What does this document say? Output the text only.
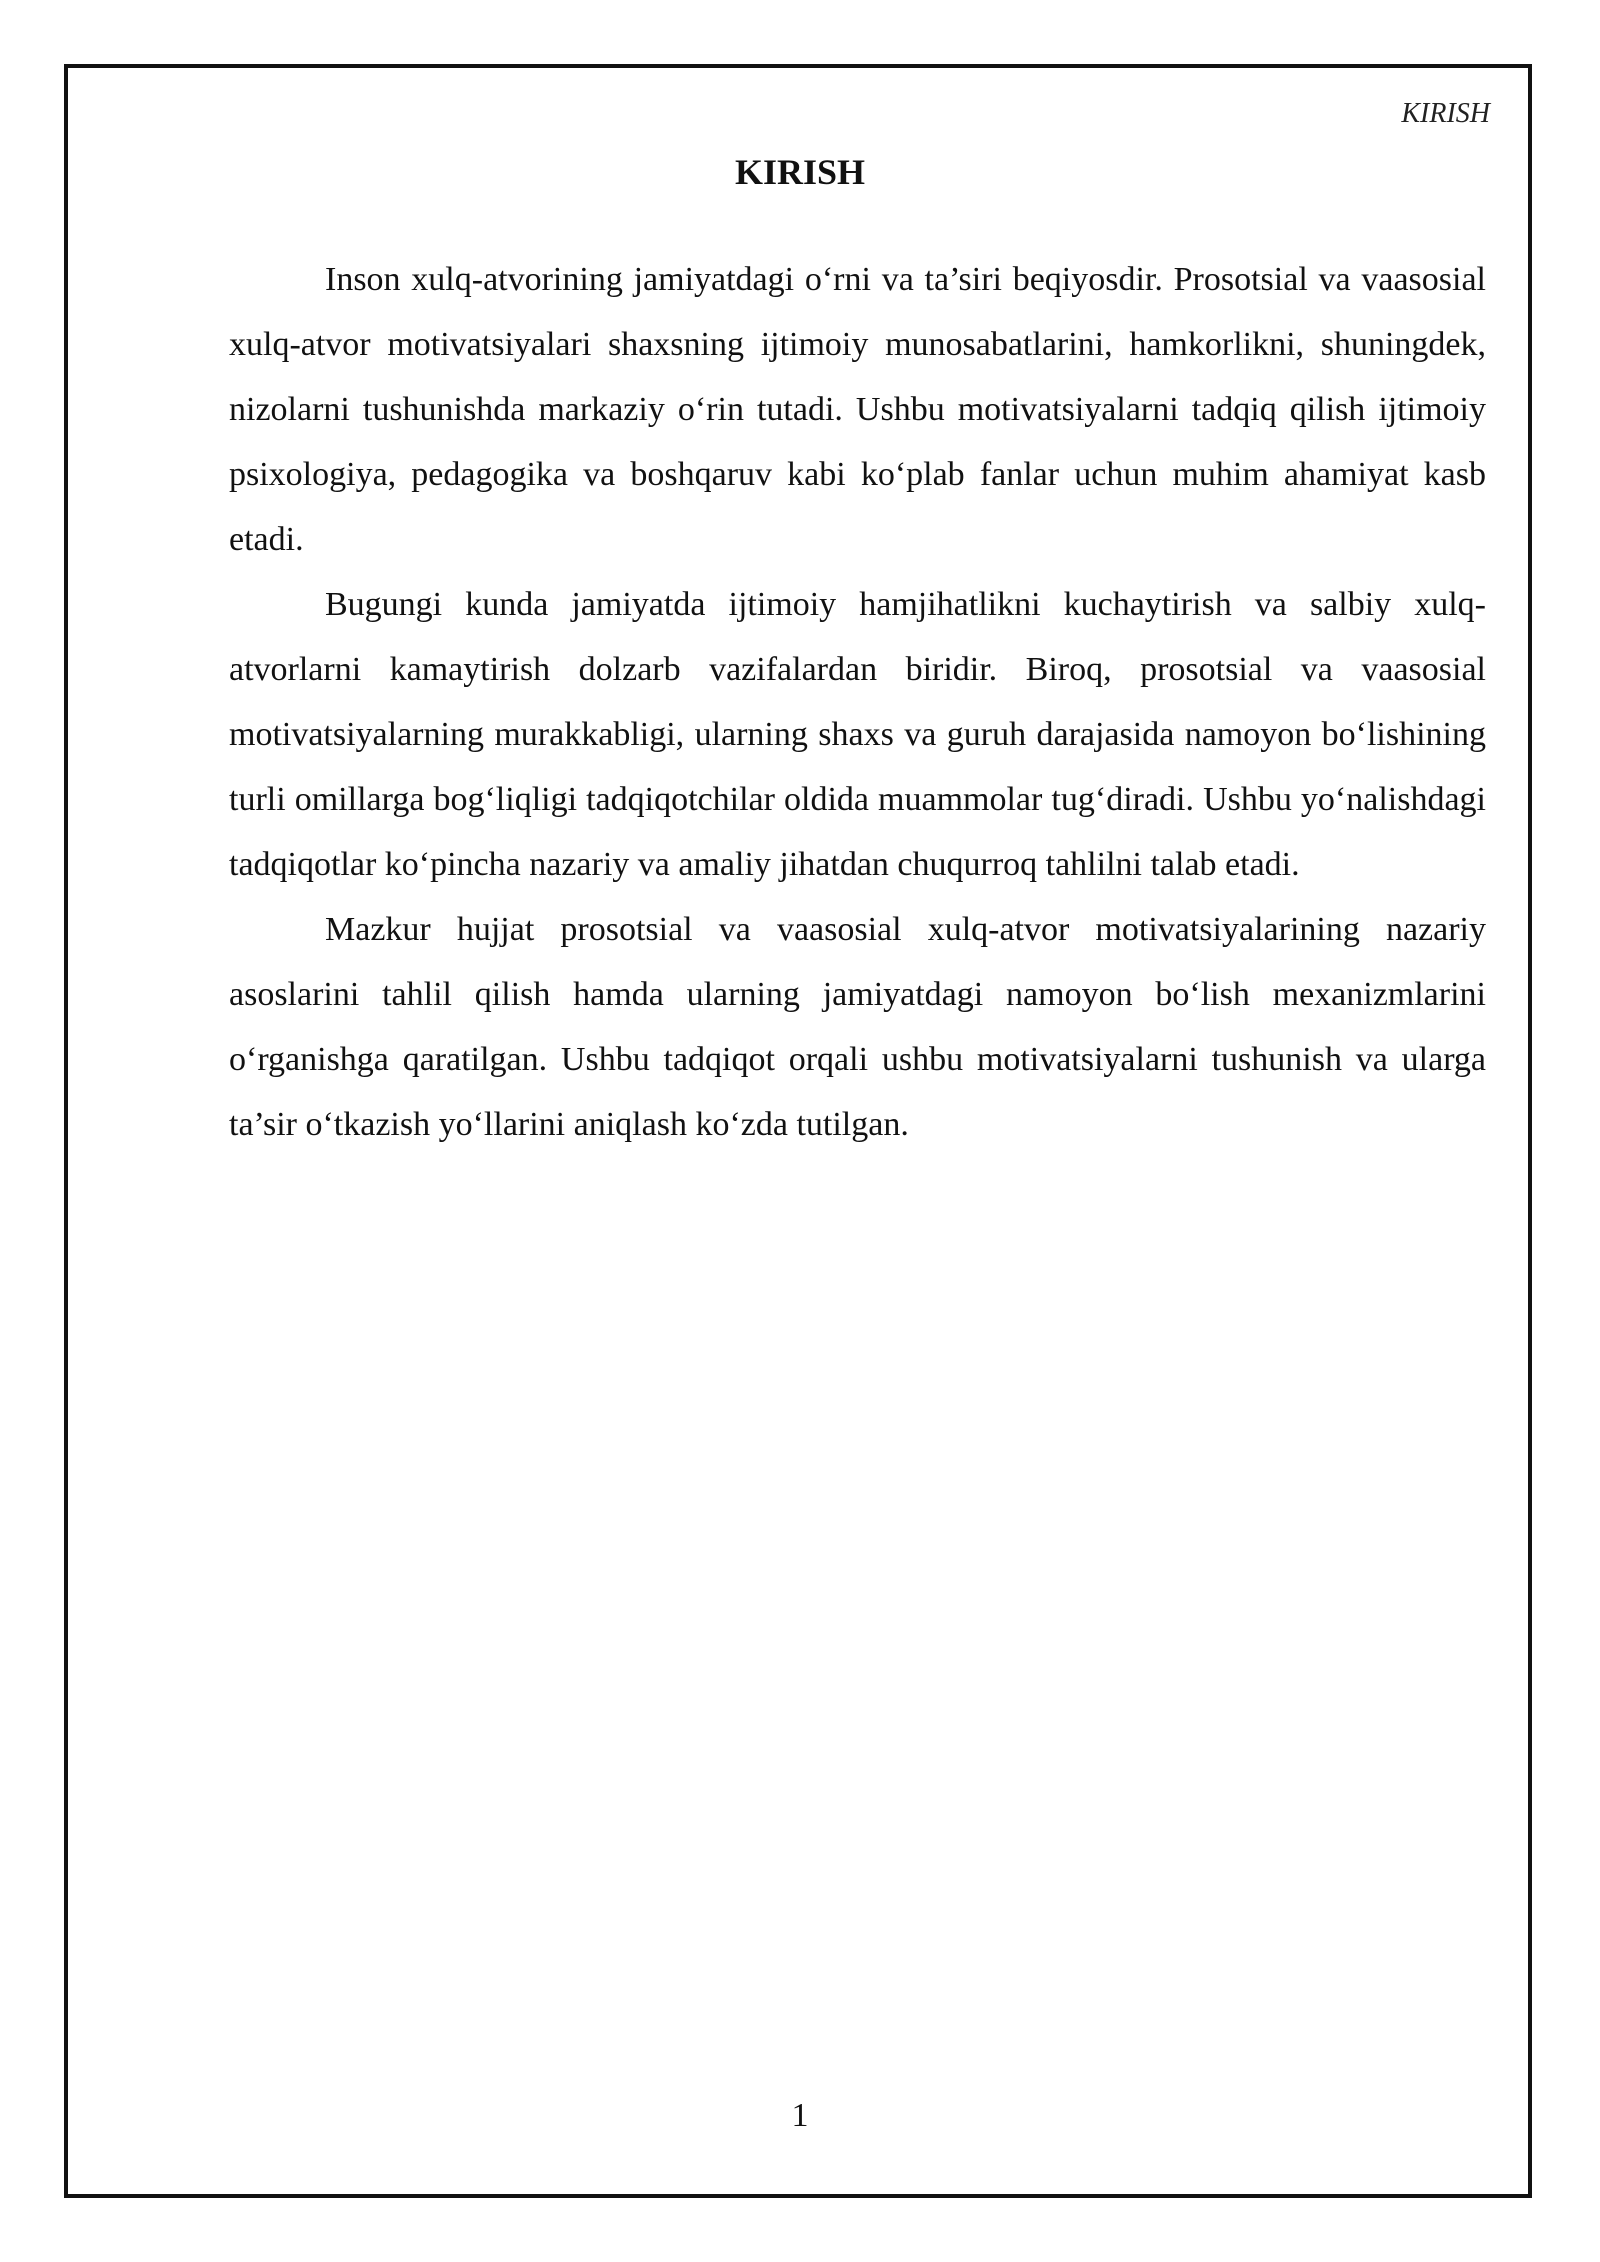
KIRISH
KIRISH

Inson xulq-atvorining jamiyatdagi o‘rni va ta’siri beqiyosdir. Prosotsial va vaasosial xulq-atvor motivatsiyalari shaxsning ijtimoiy munosabatlarini, hamkorlikni, shuningdek, nizolarni tushunishda markaziy o‘rin tutadi. Ushbu motivatsiyalarni tadqiq qilish ijtimoiy psixologiya, pedagogika va boshqaruv kabi ko‘plab fanlar uchun muhim ahamiyat kasb etadi.

Bugungi kunda jamiyatda ijtimoiy hamjihatlikni kuchaytirish va salbiy xulq-atvorlarni kamaytirish dolzarb vazifalardan biridir. Biroq, prosotsial va vaasosial motivatsiyalarning murakkabligi, ularning shaxs va guruh darajasida namoyon bo‘lishining turli omillarga bog‘liqligi tadqiqotchilar oldida muammolar tug‘diradi. Ushbu yo‘nalishdagi tadqiqotlar ko‘pincha nazariy va amaliy jihatdan chuqurroq tahlilni talab etadi.

Mazkur hujjat prosotsial va vaasosial xulq-atvor motivatsiyalarining nazariy asoslarini tahlil qilish hamda ularning jamiyatdagi namoyon bo‘lish mexanizmlarini o‘rganishga qaratilgan. Ushbu tadqiqot orqali ushbu motivatsiyalarni tushunish va ularga ta’sir o‘tkazish yo‘llarini aniqlash ko‘zda tutilgan.

1
